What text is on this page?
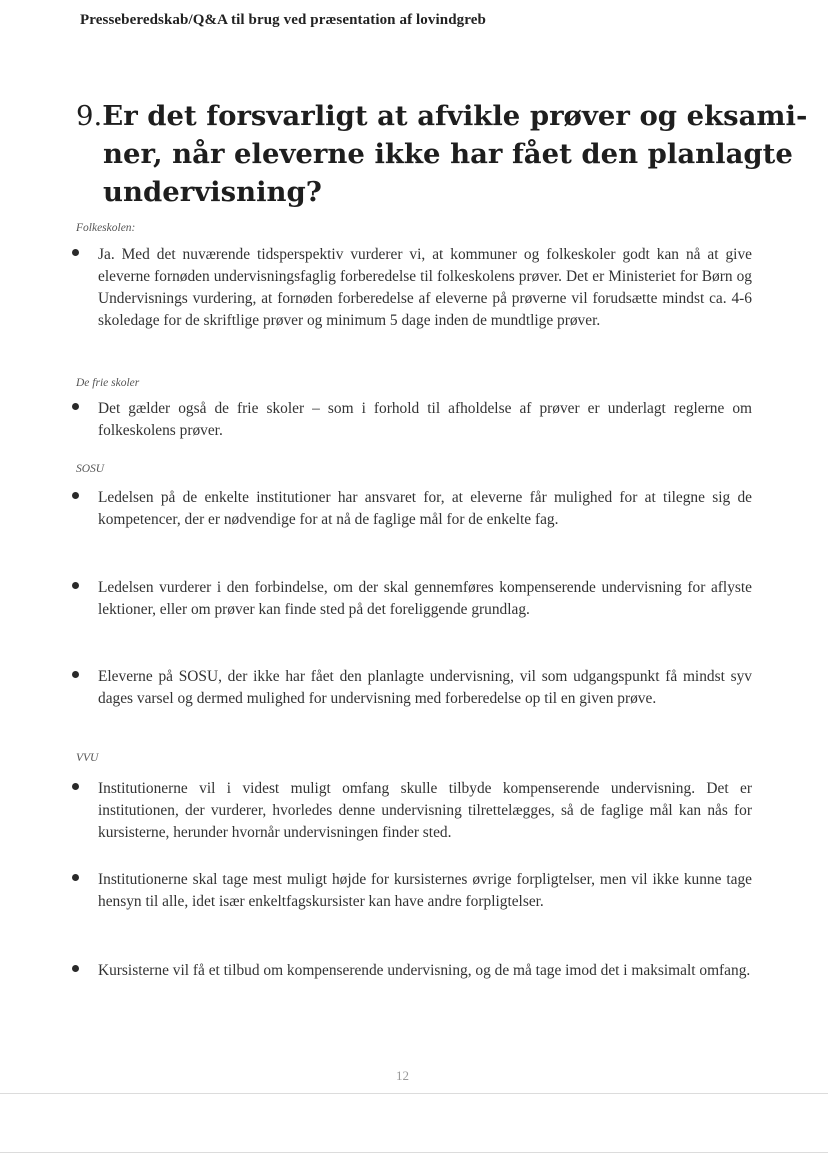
Presseberedskab/Q&A til brug ved præsentation af lovindgreb
9.Er det forsvarligt at afvikle prøver og eksami-
ner, når eleverne ikke har fået den planlagte
undervisning?
Folkeskolen:
Ja. Med det nuværende tidsperspektiv vurderer vi, at kommuner og folkeskoler godt kan nå at give eleverne fornøden undervisningsfaglig forberedelse til folkeskolens prøver. Det er Ministeriet for Børn og Undervisnings vurdering, at fornøden forberedelse af eleverne på prøverne vil forudsætte mindst ca. 4-6 skoledage for de skriftlige prøver og minimum 5 dage inden de mundtlige prøver.
De frie skoler
Det gælder også de frie skoler – som i forhold til afholdelse af prøver er underlagt reglerne om folkeskolens prøver.
SOSU
Ledelsen på de enkelte institutioner har ansvaret for, at eleverne får mulighed for at tilegne sig de kompetencer, der er nødvendige for at nå de faglige mål for de enkelte fag.
Ledelsen vurderer i den forbindelse, om der skal gennemføres kompenserende undervisning for aflyste lektioner, eller om prøver kan finde sted på det foreliggende grundlag.
Eleverne på SOSU, der ikke har fået den planlagte undervisning, vil som udgangspunkt få mindst syv dages varsel og dermed mulighed for undervisning med forberedelse op til en given prøve.
VVU
Institutionerne vil i videst muligt omfang skulle tilbyde kompenserende undervisning. Det er institutionen, der vurderer, hvorledes denne undervisning tilrettelægges, så de faglige mål kan nås for kursisterne, herunder hvornår undervisningen finder sted.
Institutionerne skal tage mest muligt højde for kursisternes øvrige forpligtelser, men vil ikke kunne tage hensyn til alle, idet især enkeltfagskursister kan have andre forpligtelser.
Kursisterne vil få et tilbud om kompenserende undervisning, og de må tage imod det i maksimalt omfang.
12
